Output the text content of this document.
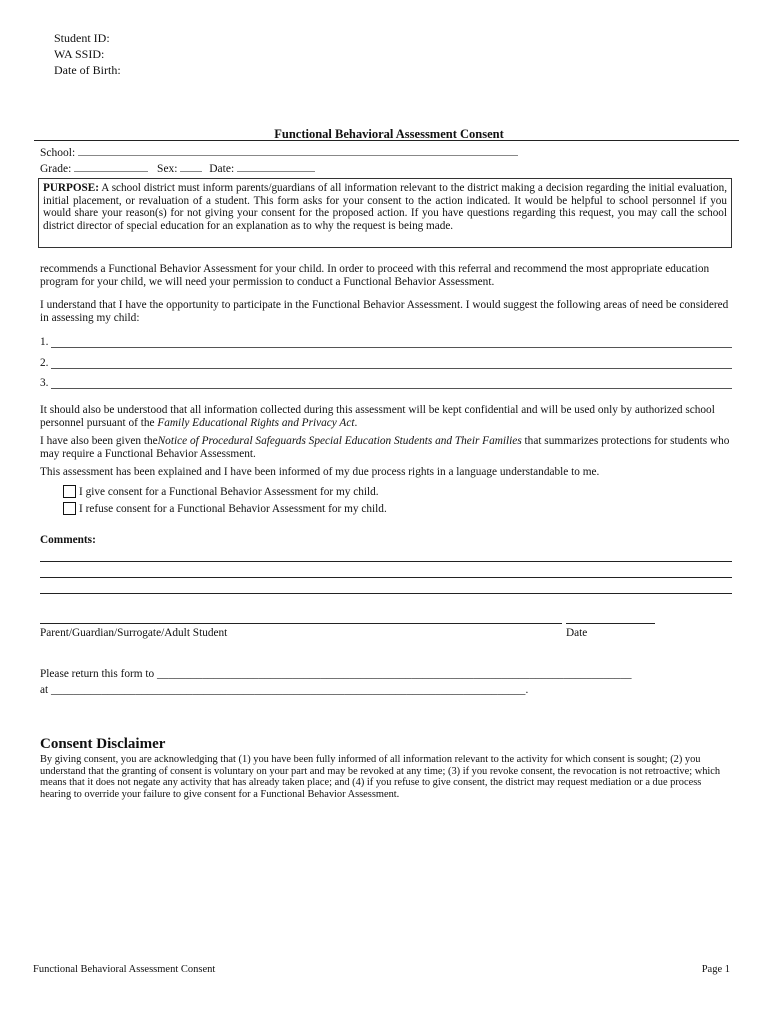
Student ID:
WA SSID:
Date of Birth:
Functional Behavioral Assessment Consent
School:
Grade:	Sex:	Date:
PURPOSE: A school district must inform parents/guardians of all information relevant to the district making a decision regarding the initial evaluation, initial placement, or revaluation of a student. This form asks for your consent to the action indicated. It would be helpful to school personnel if you would share your reason(s) for not giving your consent for the proposed action. If you have questions regarding this request, you may call the school district director of special education for an explanation as to why the request is being made.
recommends a Functional Behavior Assessment for your child. In order to proceed with this referral and recommend the most appropriate education program for your child, we will need your permission to conduct a Functional Behavior Assessment.
I understand that I have the opportunity to participate in the Functional Behavior Assessment. I would suggest the following areas of need be considered in assessing my child:
1.
2.
3.
It should also be understood that all information collected during this assessment will be kept confidential and will be used only by authorized school personnel pursuant of the Family Educational Rights and Privacy Act.
I have also been given theNotice of Procedural Safeguards Special Education Students and Their Families that summarizes protections for students who may require a Functional Behavior Assessment.
This assessment has been explained and I have been informed of my due process rights in a language understandable to me.
I give consent for a Functional Behavior Assessment for my child.
I refuse consent for a Functional Behavior Assessment for my child.
Comments:
Parent/Guardian/Surrogate/Adult Student	Date
Please return this form to ____________________________________________________________________________________
at ____________________________________________________________________________________.
Consent Disclaimer
By giving consent, you are acknowledging that (1) you have been fully informed of all information relevant to the activity for which consent is sought; (2) you understand that the granting of consent is voluntary on your part and may be revoked at any time; (3) if you revoke consent, the revocation is not retroactive; which means that it does not negate any activity that has already taken place; and (4) if you refuse to give consent, the district may request mediation or a due process hearing to override your failure to give consent for a Functional Behavior Assessment.
Functional Behavioral Assessment Consent	Page 1
